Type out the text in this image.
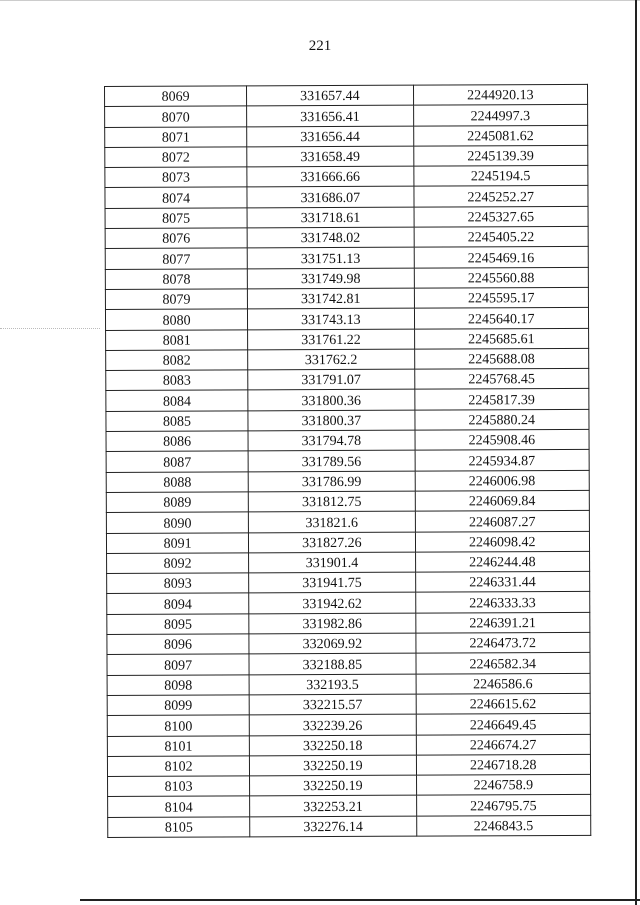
221
8069	331657.44	2244920.13
8070	331656.41	2244997.3
8071	331656.44	2245081.62
8072	331658.49	2245139.39
8073	331666.66	2245194.5
8074	331686.07	2245252.27
8075	331718.61	2245327.65
8076	331748.02	2245405.22
8077	331751.13	2245469.16
8078	331749.98	2245560.88
8079	331742.81	2245595.17
8080	331743.13	2245640.17
8081	331761.22	2245685.61
8082	331762.2	2245688.08
8083	331791.07	2245768.45
8084	331800.36	2245817.39
8085	331800.37	2245880.24
8086	331794.78	2245908.46
8087	331789.56	2245934.87
8088	331786.99	2246006.98
8089	331812.75	2246069.84
8090	331821.6	2246087.27
8091	331827.26	2246098.42
8092	331901.4	2246244.48
8093	331941.75	2246331.44
8094	331942.62	2246333.33
8095	331982.86	2246391.21
8096	332069.92	2246473.72
8097	332188.85	2246582.34
8098	332193.5	2246586.6
8099	332215.57	2246615.62
8100	332239.26	2246649.45
8101	332250.18	2246674.27
8102	332250.19	2246718.28
8103	332250.19	2246758.9
8104	332253.21	2246795.75
8105	332276.14	2246843.5
